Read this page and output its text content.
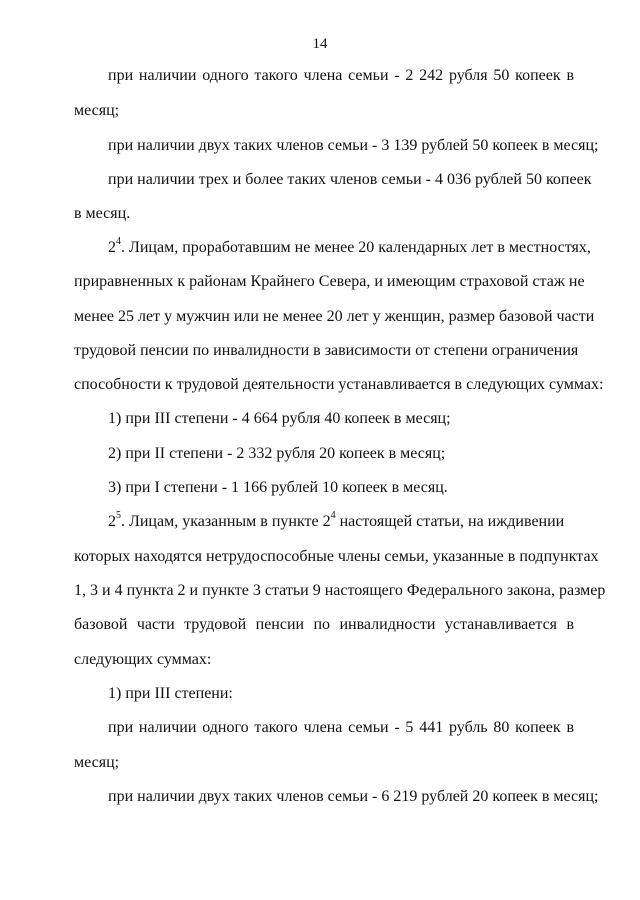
14
при наличии одного такого члена семьи - 2 242 рубля 50 копеек в
месяц;
при наличии двух таких членов семьи - 3 139 рублей 50 копеек в месяц;
при наличии трех и более таких членов семьи - 4 036 рублей 50 копеек
в месяц.
$2^4$. Лицам, проработавшим не менее 20 календарных лет в местностях,
приравненных к районам Крайнего Севера, и имеющим страховой стаж не
менее 25 лет у мужчин или не менее 20 лет у женщин, размер базовой части
трудовой пенсии по инвалидности в зависимости от степени ограничения
способности к трудовой деятельности устанавливается в следующих суммах:
1) при III степени - 4 664 рубля 40 копеек в месяц;
2) при II степени - 2 332 рубля 20 копеек в месяц;
3) при I степени - 1 166 рублей 10 копеек в месяц.
$2^5$. Лицам, указанным в пункте $2^4$ настоящей статьи, на иждивении
которых находятся нетрудоспособные члены семьи, указанные в подпунктах
1, 3 и 4 пункта 2 и пункте 3 статьи 9 настоящего Федерального закона, размер
базовой части трудовой пенсии по инвалидности устанавливается в
следующих суммах:
1) при III степени:
при наличии одного такого члена семьи - 5 441 рубль 80 копеек в
месяц;
при наличии двух таких членов семьи - 6 219 рублей 20 копеек в месяц;
